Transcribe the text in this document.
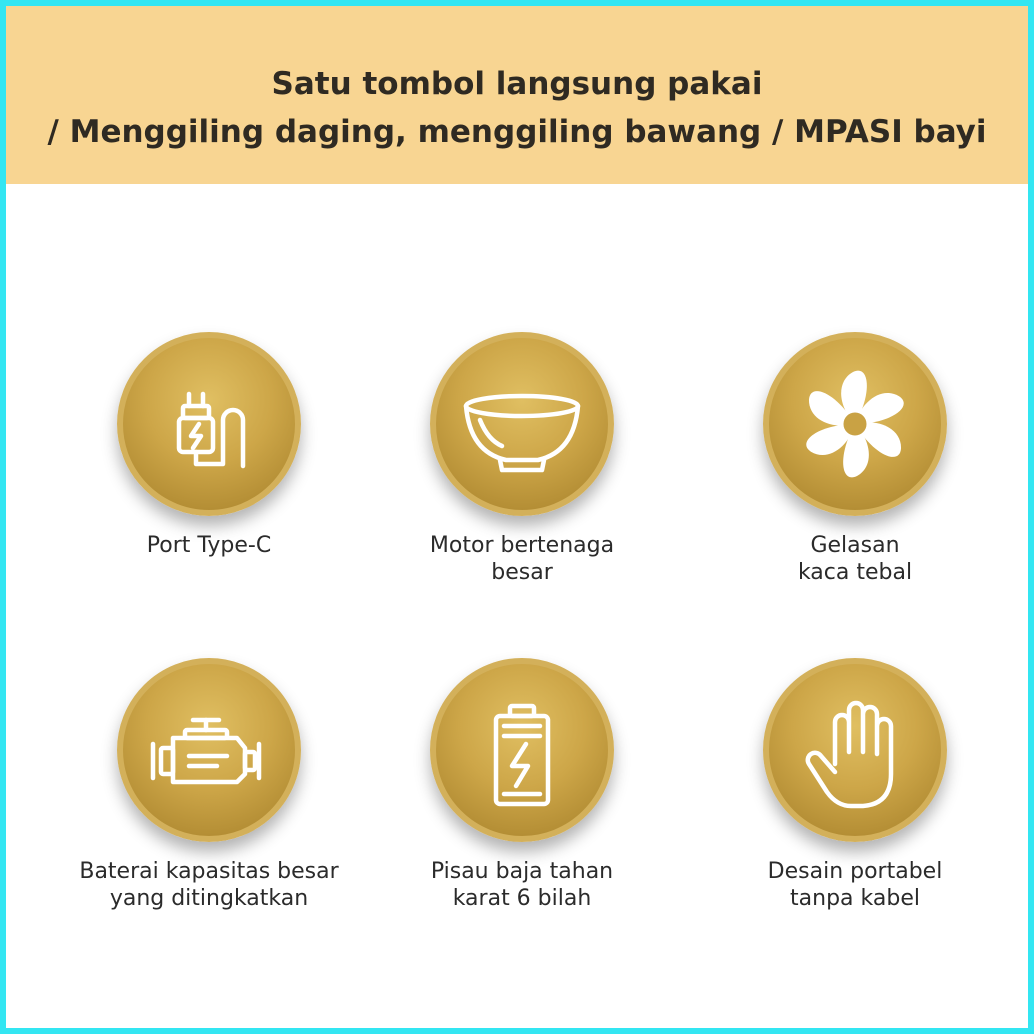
Satu tombol langsung pakai
/ Menggiling daging, menggiling bawang / MPASI bayi
Port Type-C	Motor bertenaga
besar
Gelasan
kaca tebal
Baterai kapasitas besar
yang ditingkatkan
Pisau baja tahan
karat 6 bilah
Desain portabel
tanpa kabel
